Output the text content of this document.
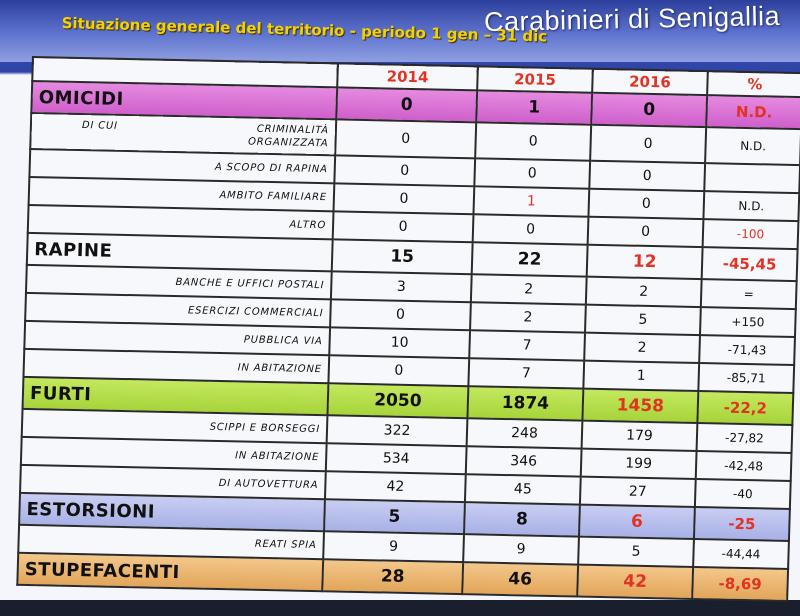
Carabinieri di Senigallia
Situazione generale del territorio - periodo 1 gen – 31 dic
	2014	2015	2016	%
OMICIDI	0	1	0	N.D.

DI CUI CRIMINALITÀ
ORGANIZZATA	0	0	0	N.D.
A SCOPO DI RAPINA	0	0	0	
AMBITO FAMILIARE	0	1	0	N.D.
ALTRO	0	0	0	-100
RAPINE	15	22	12	-45,45
BANCHE E UFFICI POSTALI	3	2	2	=
ESERCIZI COMMERCIALI	0	2	5	+150
PUBBLICA VIA	10	7	2	-71,43
IN ABITAZIONE	0	7	1	-85,71
FURTI	2050	1874	1458	-22,2
SCIPPI E BORSEGGI	322	248	179	-27,82
IN ABITAZIONE	534	346	199	-42,48
DI AUTOVETTURA	42	45	27	-40
ESTORSIONI	5	8	6	-25
REATI SPIA	9	9	5	-44,44
STUPEFACENTI	28	46	42	-8,69
